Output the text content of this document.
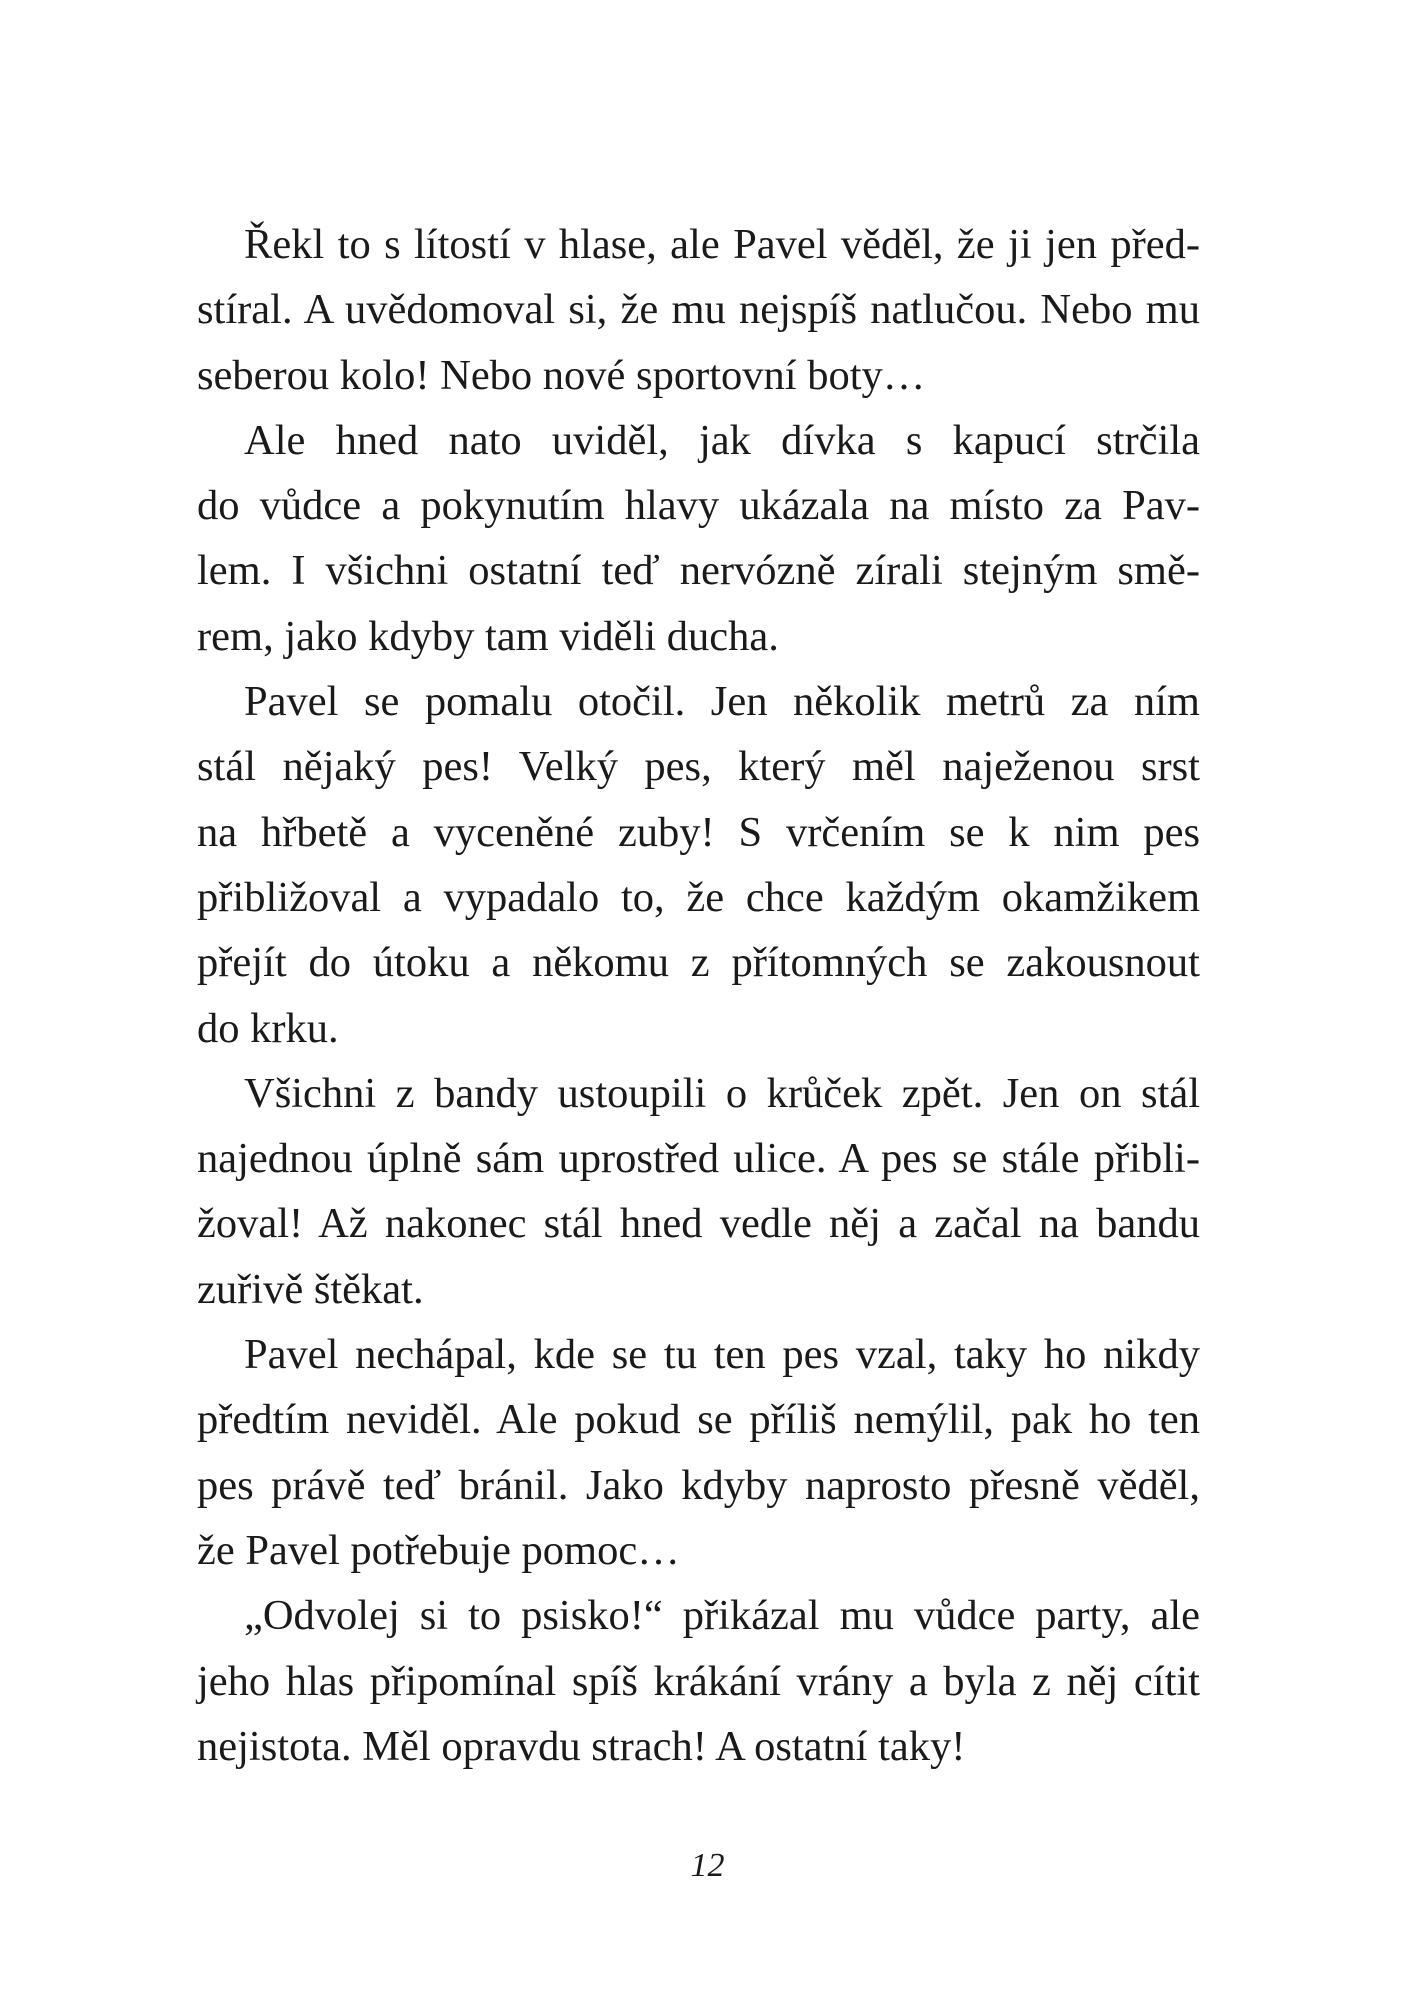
Řekl to s lítostí v hlase, ale Pavel věděl, že ji jen před-
stíral. A uvědomoval si, že mu nejspíš natlučou. Nebo mu
seberou kolo! Nebo nové sportovní boty…

Ale hned nato uviděl, jak dívka s kapucí strčila
do vůdce a pokynutím hlavy ukázala na místo za Pav-
lem. I všichni ostatní teď nervózně zírali stejným smě-
rem, jako kdyby tam viděli ducha.

Pavel se pomalu otočil. Jen několik metrů za ním
stál nějaký pes! Velký pes, který měl naježenou srst
na hřbetě a vyceněné zuby! S vrčením se k nim pes
přibližoval a vypadalo to, že chce každým okamžikem
přejít do útoku a někomu z přítomných se zakousnout
do krku.

Všichni z bandy ustoupili o krůček zpět. Jen on stál
najednou úplně sám uprostřed ulice. A pes se stále přibli-
žoval! Až nakonec stál hned vedle něj a začal na bandu
zuřivě štěkat.

Pavel nechápal, kde se tu ten pes vzal, taky ho nikdy
předtím neviděl. Ale pokud se příliš nemýlil, pak ho ten
pes právě teď bránil. Jako kdyby naprosto přesně věděl,
že Pavel potřebuje pomoc…

„Odvolej si to psisko!“ přikázal mu vůdce party, ale
jeho hlas připomínal spíš krákání vrány a byla z něj cítit
nejistota. Měl opravdu strach! A ostatní taky!

12
